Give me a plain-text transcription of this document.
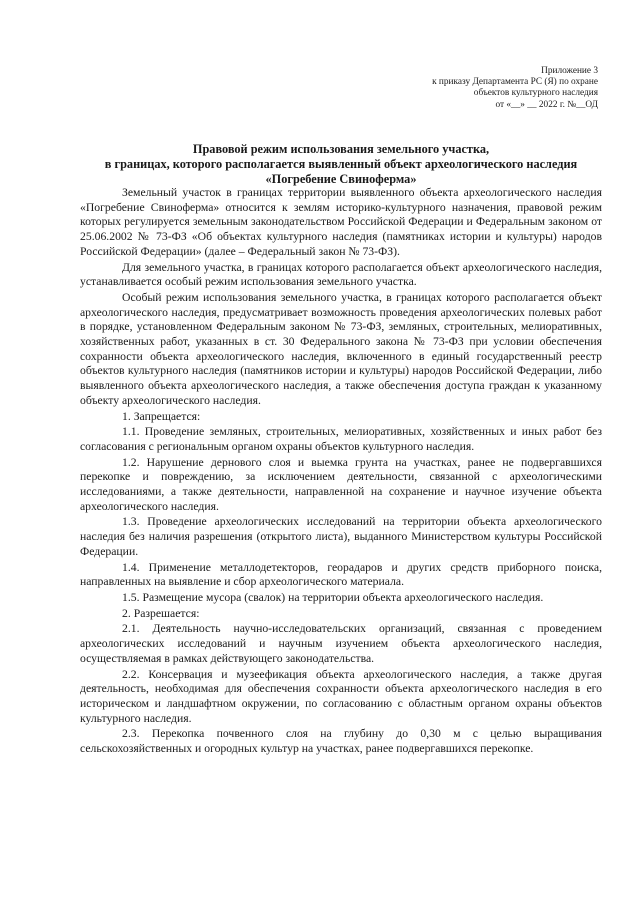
Приложение 3
к приказу Департамента РС (Я) по охране
объектов культурного наследия
от «__» __ 2022 г. №__ОД
Правовой режим использования земельного участка,
в границах, которого располагается выявленный объект археологического наследия
«Погребение Свиноферма»

Земельный участок в границах территории выявленного объекта археологического наследия «Погребение Свиноферма» относится к землям историко-культурного назначения, правовой режим которых регулируется земельным законодательством Российской Федерации и Федеральным законом от 25.06.2002 № 73-ФЗ «Об объектах культурного наследия (памятниках истории и культуры) народов Российской Федерации» (далее – Федеральный закон № 73-ФЗ).

Для земельного участка, в границах которого располагается объект археологического наследия, устанавливается особый режим использования земельного участка.

Особый режим использования земельного участка, в границах которого располагается объект археологического наследия, предусматривает возможность проведения археологических полевых работ в порядке, установленном Федеральным законом № 73-ФЗ, земляных, строительных, мелиоративных, хозяйственных работ, указанных в ст. 30 Федерального закона № 73-ФЗ при условии обеспечения сохранности объекта археологического наследия, включенного в единый государственный реестр объектов культурного наследия (памятников истории и культуры) народов Российской Федерации, либо выявленного объекта археологического наследия, а также обеспечения доступа граждан к указанному объекту археологического наследия.

1. Запрещается:

1.1. Проведение земляных, строительных, мелиоративных, хозяйственных и иных работ без согласования с региональным органом охраны объектов культурного наследия.

1.2. Нарушение дернового слоя и выемка грунта на участках, ранее не подвергавшихся перекопке и повреждению, за исключением деятельности, связанной с археологическими исследованиями, а также деятельности, направленной на сохранение и научное изучение объекта археологического наследия.

1.3. Проведение археологических исследований на территории объекта археологического наследия без наличия разрешения (открытого листа), выданного Министерством культуры Российской Федерации.

1.4. Применение металлодетекторов, георадаров и других средств приборного поиска, направленных на выявление и сбор археологического материала.

1.5. Размещение мусора (свалок) на территории объекта археологического наследия.

2. Разрешается:

2.1. Деятельность научно-исследовательских организаций, связанная с проведением археологических исследований и научным изучением объекта археологического наследия, осуществляемая в рамках действующего законодательства.

2.2. Консервация и музеефикация объекта археологического наследия, а также другая деятельность, необходимая для обеспечения сохранности объекта археологического наследия в его историческом и ландшафтном окружении, по согласованию с областным органом охраны объектов культурного наследия.

2.3. Перекопка почвенного слоя на глубину до 0,30 м с целью выращивания сельскохозяйственных и огородных культур на участках, ранее подвергавшихся перекопке.
